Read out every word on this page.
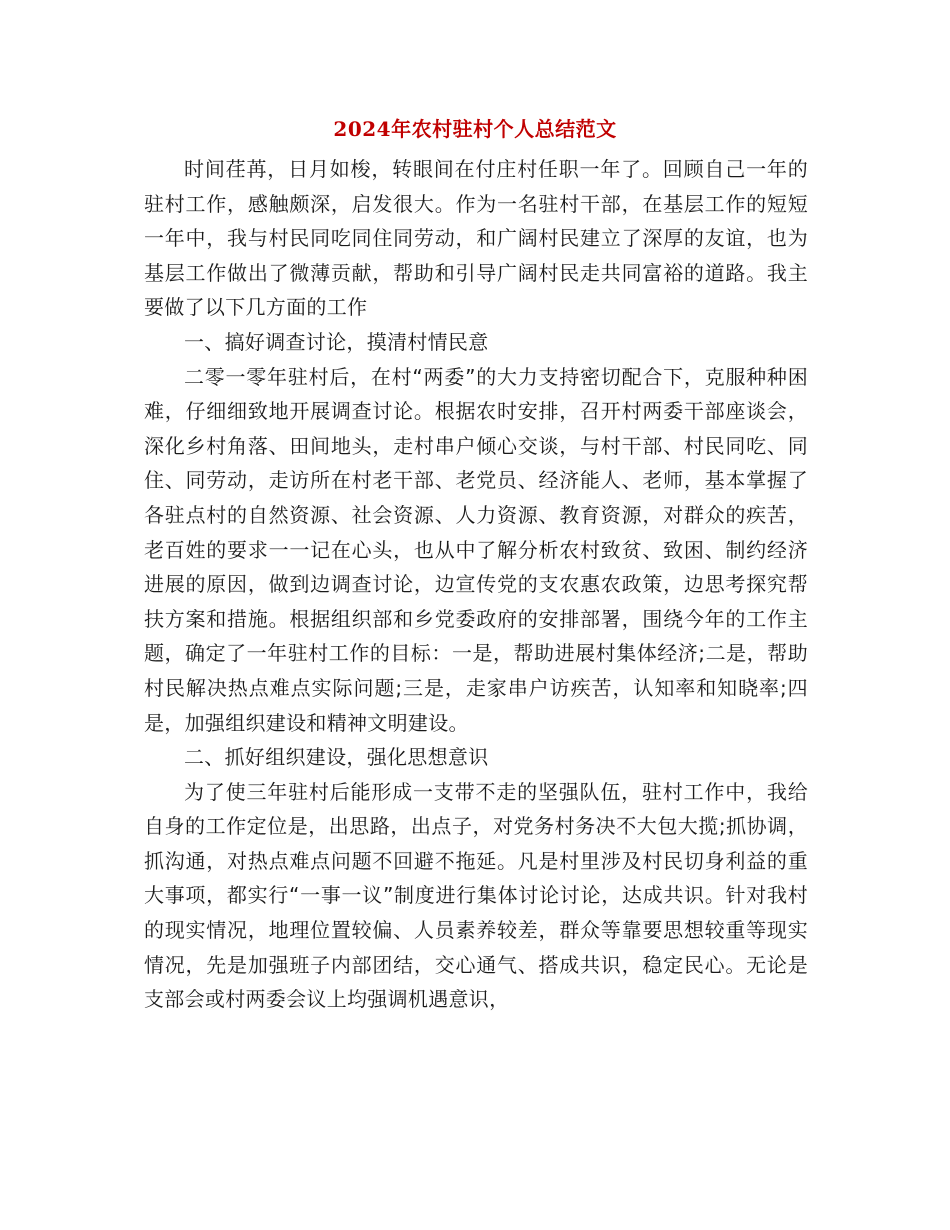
2024年农村驻村个人总结范文

时间荏苒，日月如梭，转眼间在付庄村任职一年了。回顾自己一年的驻村工作，感触颇深，启发很大。作为一名驻村干部，在基层工作的短短一年中，我与村民同吃同住同劳动，和广阔村民建立了深厚的友谊，也为基层工作做出了微薄贡献，帮助和引导广阔村民走共同富裕的道路。我主要做了以下几方面的工作

一、搞好调查讨论，摸清村情民意

二零一零年驻村后，在村“两委”的大力支持密切配合下，克服种种困难，仔细细致地开展调查讨论。根据农时安排，召开村两委干部座谈会，深化乡村角落、田间地头，走村串户倾心交谈，与村干部、村民同吃、同住、同劳动，走访所在村老干部、老党员、经济能人、老师，基本掌握了各驻点村的自然资源、社会资源、人力资源、教育资源，对群众的疾苦，老百姓的要求一一记在心头，也从中了解分析农村致贫、致困、制约经济进展的原因，做到边调查讨论，边宣传党的支农惠农政策，边思考探究帮扶方案和措施。根据组织部和乡党委政府的安排部署，围绕今年的工作主题，确定了一年驻村工作的目标：一是，帮助进展村集体经济;二是，帮助村民解决热点难点实际问题;三是，走家串户访疾苦，认知率和知晓率;四是，加强组织建设和精神文明建设。

二、抓好组织建设，强化思想意识

为了使三年驻村后能形成一支带不走的坚强队伍，驻村工作中，我给自身的工作定位是，出思路，出点子，对党务村务决不大包大揽;抓协调，抓沟通，对热点难点问题不回避不拖延。凡是村里涉及村民切身利益的重大事项，都实行“一事一议”制度进行集体讨论讨论，达成共识。针对我村的现实情况，地理位置较偏、人员素养较差，群众等靠要思想较重等现实情况，先是加强班子内部团结，交心通气、搭成共识，稳定民心。无论是支部会或村两委会议上均强调机遇意识，
